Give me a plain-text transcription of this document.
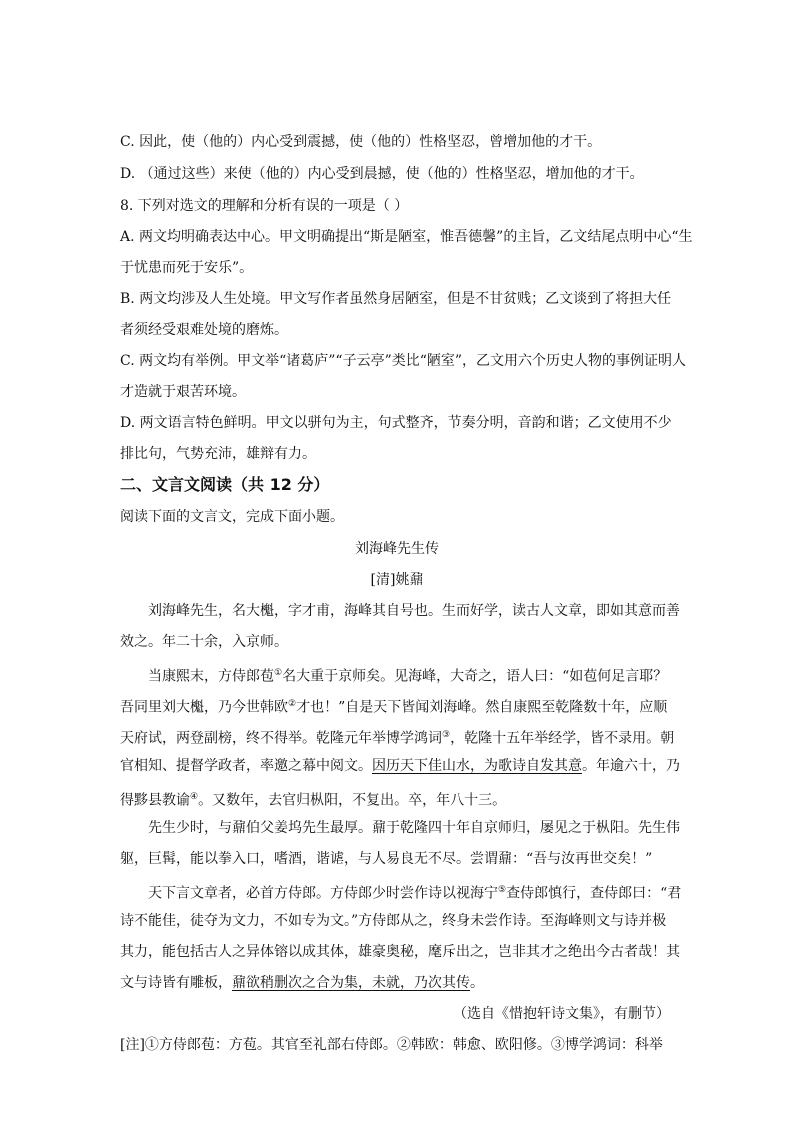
C. 因此，使（他的）内心受到震撼，使（他的）性格坚忍，曾增加他的才干。
D. （通过这些）来使（他的）内心受到晨撼，使（他的）性格坚忍，增加他的才干。
8. 下列对选文的理解和分析有误的一项是（ ）
A. 两文均明确表达中心。甲文明确提出“斯是陋室，惟吾德馨”的主旨，乙文结尾点明中心“生
于忧患而死于安乐”。
B. 两文均涉及人生处境。甲文写作者虽然身居陋室，但是不甘贫贱；乙文谈到了将担大任
者须经受艰难处境的磨炼。
C. 两文均有举例。甲文举“诸葛庐”“子云亭”类比“陋室”，乙文用六个历史人物的事例证明人
才造就于艰苦环境。
D. 两文语言特色鲜明。甲文以骈句为主，句式整齐，节奏分明，音韵和谐；乙文使用不少
排比句，气势充沛，雄辩有力。
二、文言文阅读（共 12 分）
阅读下面的文言文，完成下面小题。
刘海峰先生传
[清]姚鼐
刘海峰先生，名大櫆，字才甫，海峰其自号也。生而好学，读古人文章，即如其意而善
效之。年二十余，入京师。
当康熙末，方侍郎苞①名大重于京师矣。见海峰，大奇之，语人曰：“如苞何足言耶？
吾同里刘大櫆，乃今世韩欧②才也！”自是天下皆闻刘海峰。然自康熙至乾隆数十年，应顺
天府试，两登副榜，终不得举。乾隆元年举博学鸿词③，乾隆十五年举经学，皆不录用。朝
官相知、提督学政者，率邀之幕中阅文。因历天下佳山水，为歌诗自发其意。年逾六十，乃
得黟县教谕④。又数年，去官归枞阳，不复出。卒，年八十三。
先生少时，与鼐伯父姜坞先生最厚。鼐于乾隆四十年自京师归，屡见之于枞阳。先生伟
躯，巨髯，能以拳入口，嗜酒，谐谑，与人易良无不尽。尝谓鼐：“吾与汝再世交矣！”
天下言文章者，必首方侍郎。方侍郎少时尝作诗以视海宁⑤查侍郎慎行，查侍郎曰：“君
诗不能佳，徒夺为文力，不如专为文。”方侍郎从之，终身未尝作诗。至海峰则文与诗并极
其力，能包括古人之异体镕以成其体，雄豪奥秘，麾斥出之，岂非其才之绝出今古者哉！其
文与诗皆有雕板，鼐欲稍删次之合为集，未就，乃次其传。
（选自《惜抱轩诗文集》，有删节）
[注]①方侍郎苞：方苞。其官至礼部右侍郎。②韩欧：韩愈、欧阳修。③博学鸿词：科举
